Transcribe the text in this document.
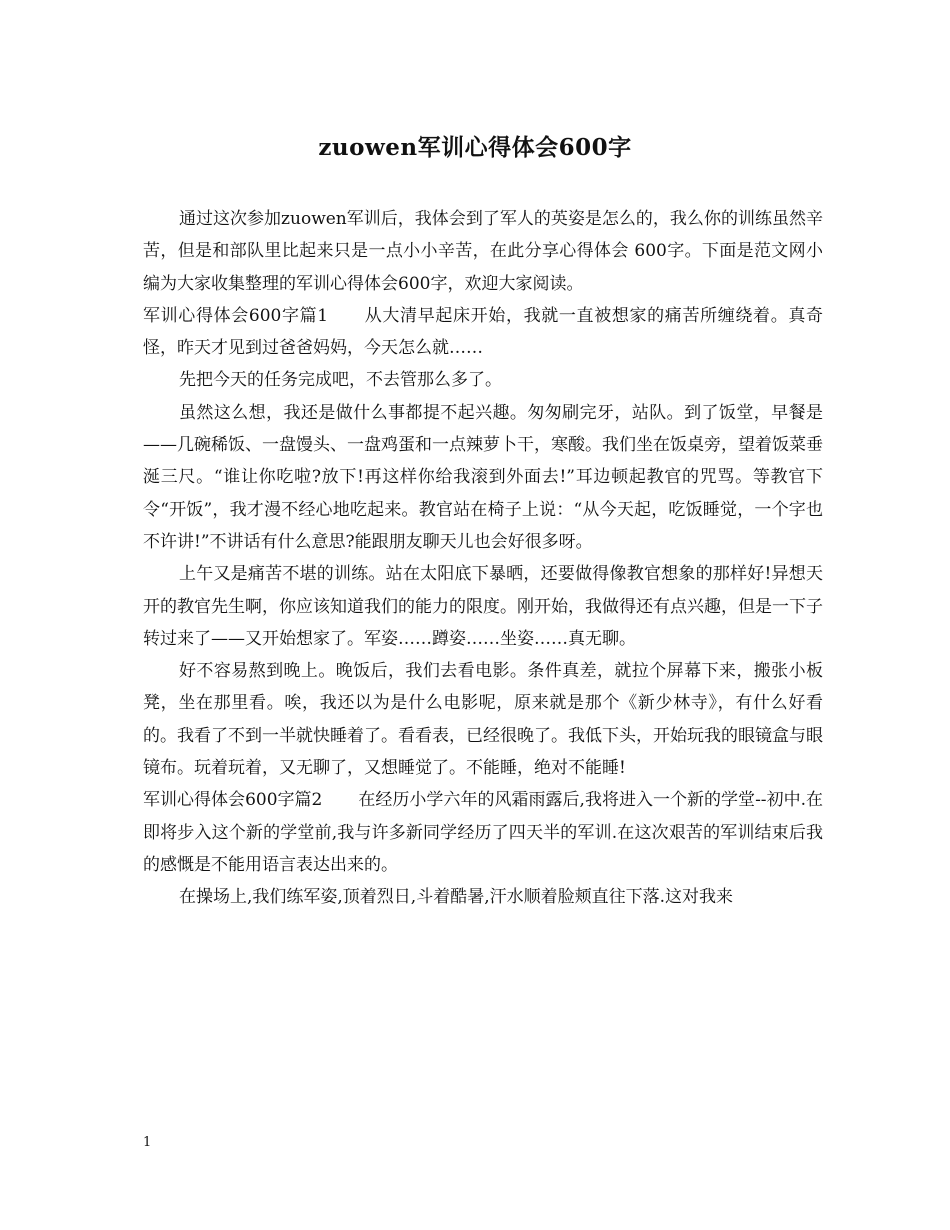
zuowen军训心得体会600字

通过这次参加zuowen军训后，我体会到了军人的英姿是怎么的，我么你的训练虽然辛苦，但是和部队里比起来只是一点小小辛苦，在此分享心得体会 600字。下面是范文网小编为大家收集整理的军训心得体会600字，欢迎大家阅读。

军训心得体会600字篇1 从大清早起床开始，我就一直被想家的痛苦所缠绕着。真奇怪，昨天才见到过爸爸妈妈，今天怎么就……

先把今天的任务完成吧，不去管那么多了。

虽然这么想，我还是做什么事都提不起兴趣。匆匆刷完牙，站队。到了饭堂，早餐是——几碗稀饭、一盘馒头、一盘鸡蛋和一点辣萝卜干，寒酸。我们坐在饭桌旁，望着饭菜垂涎三尺。“谁让你吃啦?放下!再这样你给我滚到外面去!”耳边顿起教官的咒骂。等教官下令“开饭”，我才漫不经心地吃起来。教官站在椅子上说：“从今天起，吃饭睡觉，一个字也不许讲!”不讲话有什么意思?能跟朋友聊天儿也会好很多呀。

上午又是痛苦不堪的训练。站在太阳底下暴晒，还要做得像教官想象的那样好!异想天开的教官先生啊，你应该知道我们的能力的限度。刚开始，我做得还有点兴趣，但是一下子转过来了——又开始想家了。军姿……蹲姿……坐姿……真无聊。

好不容易熬到晚上。晚饭后，我们去看电影。条件真差，就拉个屏幕下来，搬张小板凳，坐在那里看。唉，我还以为是什么电影呢，原来就是那个《新少林寺》，有什么好看的。我看了不到一半就快睡着了。看看表，已经很晚了。我低下头，开始玩我的眼镜盒与眼镜布。玩着玩着，又无聊了，又想睡觉了。不能睡，绝对不能睡!

军训心得体会600字篇2 在经历小学六年的风霜雨露后,我将进入一个新的学堂--初中.在即将步入这个新的学堂前,我与许多新同学经历了四天半的军训.在这次艰苦的军训结束后我的感慨是不能用语言表达出来的。

在操场上,我们练军姿,顶着烈日,斗着酷暑,汗水顺着脸颊直往下落.这对我来

1
